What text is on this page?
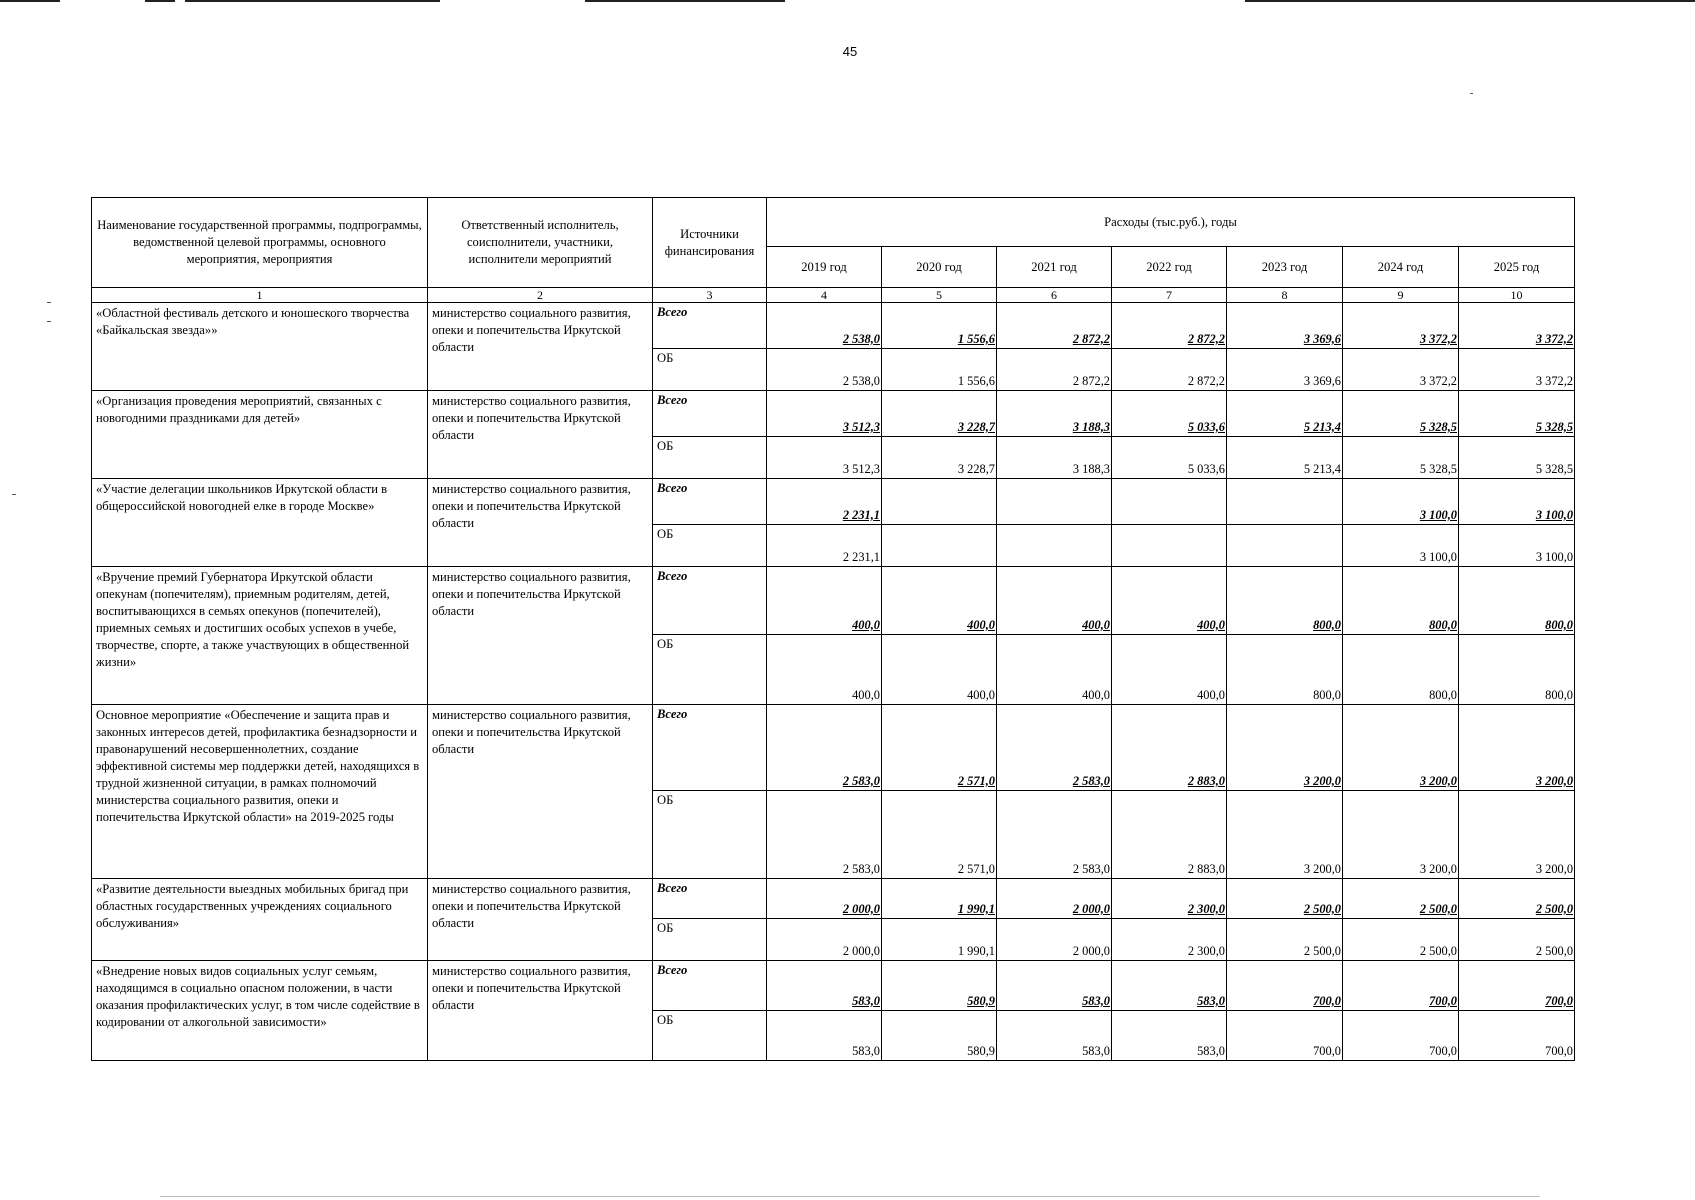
45
Наименование государственной программы, подпрограммы, ведомственной целевой программы, основного мероприятия, мероприятия	Ответственный исполнитель, соисполнители, участники, исполнители мероприятий	Источники финансирования	Расходы (тыс.руб.), годы						
			2019 год	2020 год	2021 год	2022 год	2023 год	2024 год	2025 год
1	2	3	4	5	6	7	8	9	10
«Областной фестиваль детского и юношеского творчества «Байкальская звезда»»	министерство социального развития, опеки и попечительства Иркутской области	Всего	2 538,0	1 556,6	2 872,2	2 872,2	3 369,6	3 372,2	3 372,2
		ОБ	2 538,0	1 556,6	2 872,2	2 872,2	3 369,6	3 372,2	3 372,2
«Организация проведения мероприятий, связанных с новогодними праздниками для детей»	министерство социального развития, опеки и попечительства Иркутской области	Всего	3 512,3	3 228,7	3 188,3	5 033,6	5 213,4	5 328,5	5 328,5
		ОБ	3 512,3	3 228,7	3 188,3	5 033,6	5 213,4	5 328,5	5 328,5
«Участие делегации школьников Иркутской области в общероссийской новогодней елке в городе Москве»	министерство социального развития, опеки и попечительства Иркутской области	Всего	2 231,1					3 100,0	3 100,0
		ОБ	2 231,1					3 100,0	3 100,0
«Вручение премий Губернатора Иркутской области опекунам (попечителям), приемным родителям, детей, воспитывающихся в семьях опекунов (попечителей), приемных семьях и достигших особых успехов в учебе, творчестве, спорте, а также участвующих в общественной жизни»	министерство социального развития, опеки и попечительства Иркутской области	Всего	400,0	400,0	400,0	400,0	800,0	800,0	800,0
		ОБ	400,0	400,0	400,0	400,0	800,0	800,0	800,0
Основное мероприятие «Обеспечение и защита прав и законных интересов детей, профилактика безнадзорности и правонарушений несовершеннолетних, создание эффективной системы мер поддержки детей, находящихся в трудной жизненной ситуации, в рамках полномочий министерства социального развития, опеки и попечительства Иркутской области» на 2019-2025 годы	министерство социального развития, опеки и попечительства Иркутской области	Всего	2 583,0	2 571,0	2 583,0	2 883,0	3 200,0	3 200,0	3 200,0
		ОБ	2 583,0	2 571,0	2 583,0	2 883,0	3 200,0	3 200,0	3 200,0
«Развитие деятельности выездных мобильных бригад при областных государственных учреждениях социального обслуживания»	министерство социального развития, опеки и попечительства Иркутской области	Всего	2 000,0	1 990,1	2 000,0	2 300,0	2 500,0	2 500,0	2 500,0
		ОБ	2 000,0	1 990,1	2 000,0	2 300,0	2 500,0	2 500,0	2 500,0
«Внедрение новых видов социальных услуг семьям, находящимся в социально опасном положении, в части оказания профилактических услуг, в том числе содействие в кодировании от алкогольной зависимости»	министерство социального развития, опеки и попечительства Иркутской области	Всего	583,0	580,9	583,0	583,0	700,0	700,0	700,0
		ОБ	583,0	580,9	583,0	583,0	700,0	700,0	700,0
